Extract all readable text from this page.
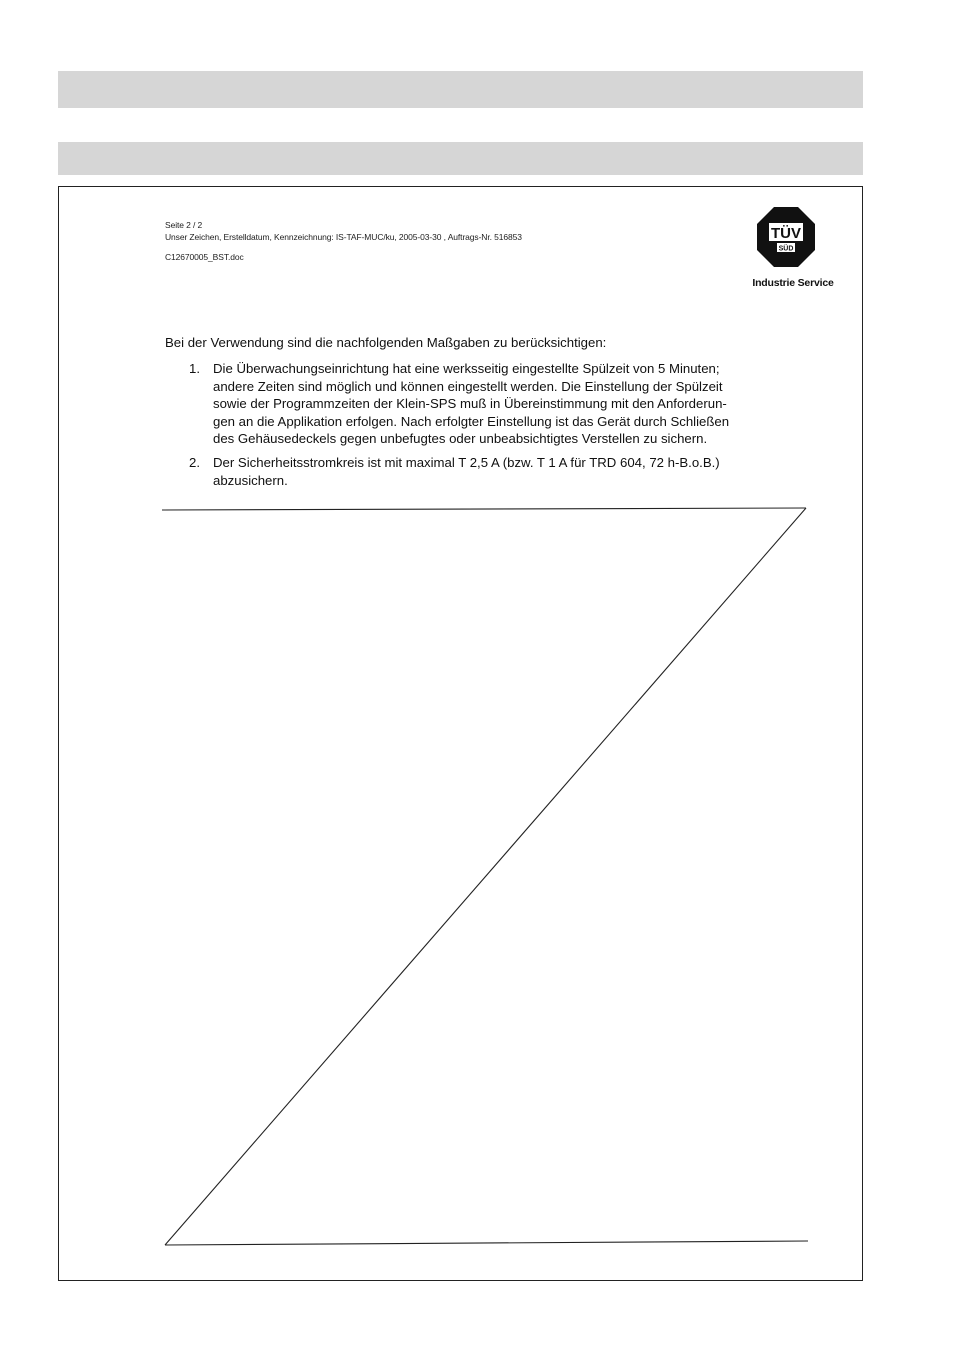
Seite 2 / 2
Unser Zeichen, Erstelldatum, Kennzeichnung: IS-TAF-MUC/ku, 2005-03-30 , Auftrags-Nr. 516853
C12670005_BST.doc
TÜV
SÜD
Industrie Service
Bei der Verwendung sind die nachfolgenden Maßgaben zu berücksichtigen:
1. Die Überwachungseinrichtung hat eine werksseitig eingestellte Spülzeit von 5 Minuten;
andere Zeiten sind möglich und können eingestellt werden. Die Einstellung der Spülzeit
sowie der Programmzeiten der Klein-SPS muß in Übereinstimmung mit den Anforderun-
gen an die Applikation erfolgen. Nach erfolgter Einstellung ist das Gerät durch Schließen
des Gehäusedeckels gegen unbefugtes oder unbeabsichtigtes Verstellen zu sichern.
2. Der Sicherheitsstromkreis ist mit maximal T 2,5 A (bzw. T 1 A für TRD 604, 72 h-B.o.B.)
abzusichern.
